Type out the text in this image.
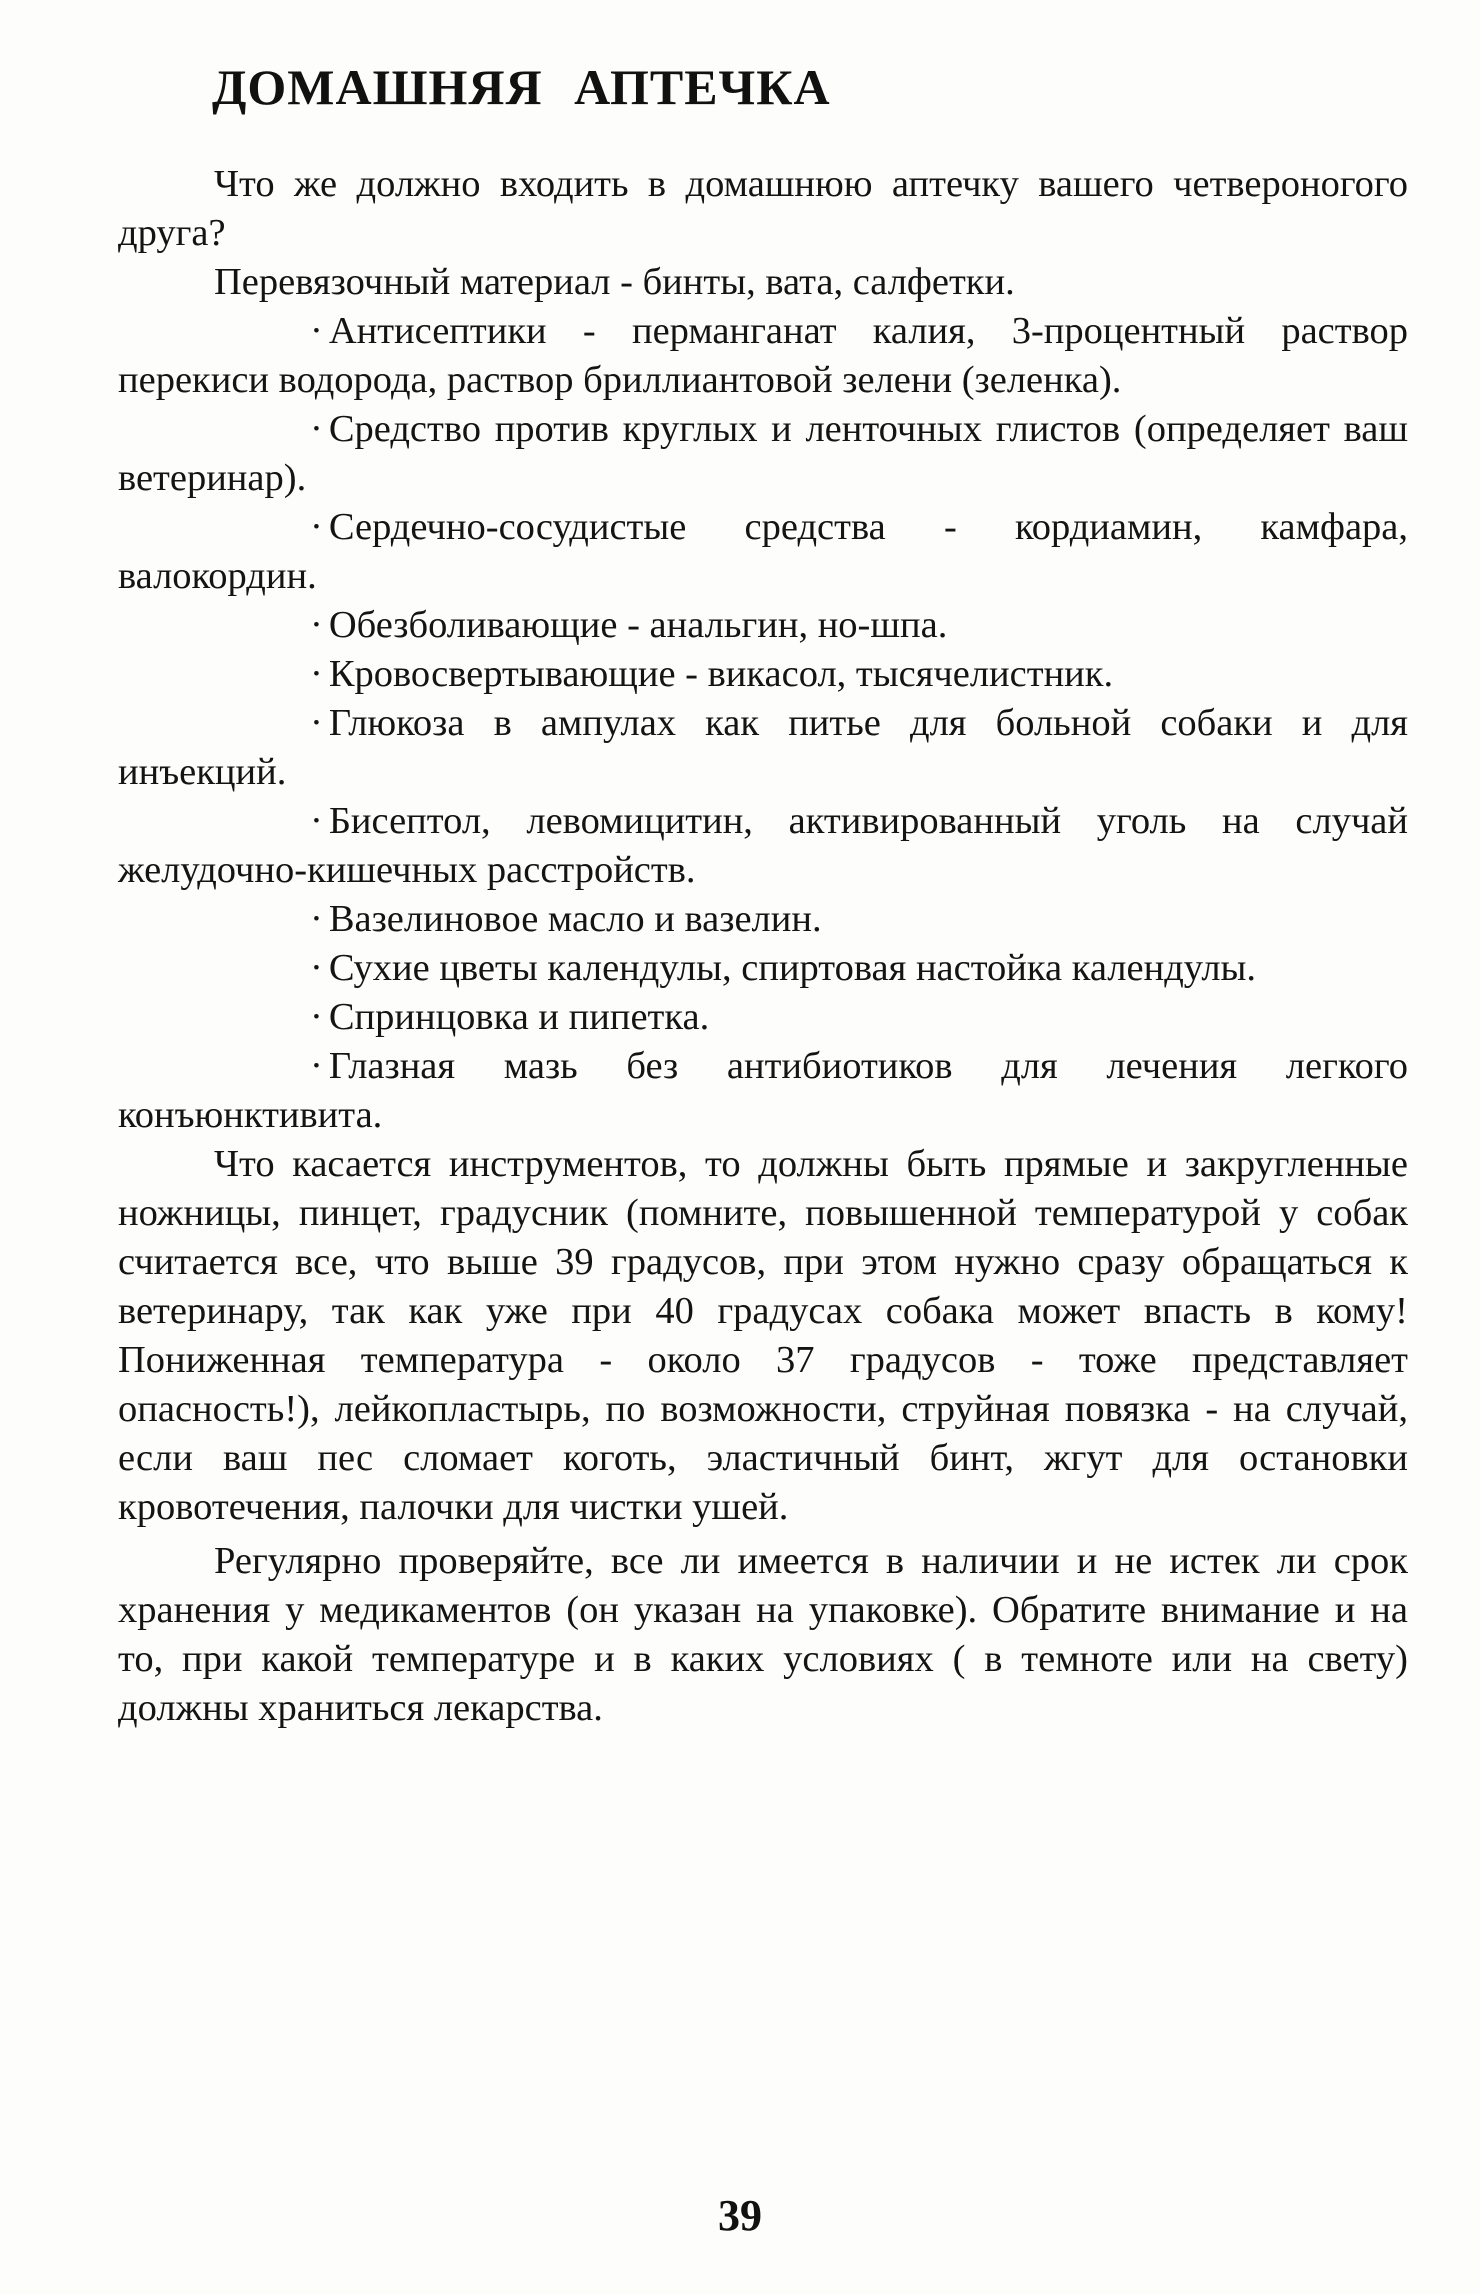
ДОМАШНЯЯ АПТЕЧКА

Что же должно входить в домашнюю аптечку вашего четвероногого друга?

Перевязочный материал - бинты, вата, салфетки.

· Антисептики - перманганат калия, 3-процентный раствор перекиси водорода, раствор бриллиантовой зелени (зеленка).

· Средство против круглых и ленточных глистов (определяет ваш ветеринар).

· Сердечно-сосудистые средства - кордиамин, камфара, валокордин.

· Обезболивающие - анальгин, но-шпа.

· Кровосвертывающие - викасол, тысячелистник.

· Глюкоза в ампулах как питье для больной собаки и для инъекций.

· Бисептол, левомицитин, активированный уголь на случай желудочно-кишечных расстройств.

· Вазелиновое масло и вазелин.

· Сухие цветы календулы, спиртовая настойка календулы.

· Спринцовка и пипетка.

· Глазная мазь без антибиотиков для лечения легкого конъюнктивита.

Что касается инструментов, то должны быть прямые и закругленные ножницы, пинцет, градусник (помните, повышенной температурой у собак считается все, что выше 39 градусов, при этом нужно сразу обращаться к ветеринару, так как уже при 40 градусах собака может впасть в кому! Пониженная температура - около 37 градусов - тоже представляет опасность!), лейкопластырь, по возможности, струйная повязка - на случай, если ваш пес сломает коготь, эластичный бинт, жгут для остановки кровотечения, палочки для чистки ушей.

Регулярно проверяйте, все ли имеется в наличии и не истек ли срок хранения у медикаментов (он указан на упаковке). Обратите внимание и на то, при какой температуре и в каких условиях ( в темноте или на свету) должны храниться лекарства.

39
